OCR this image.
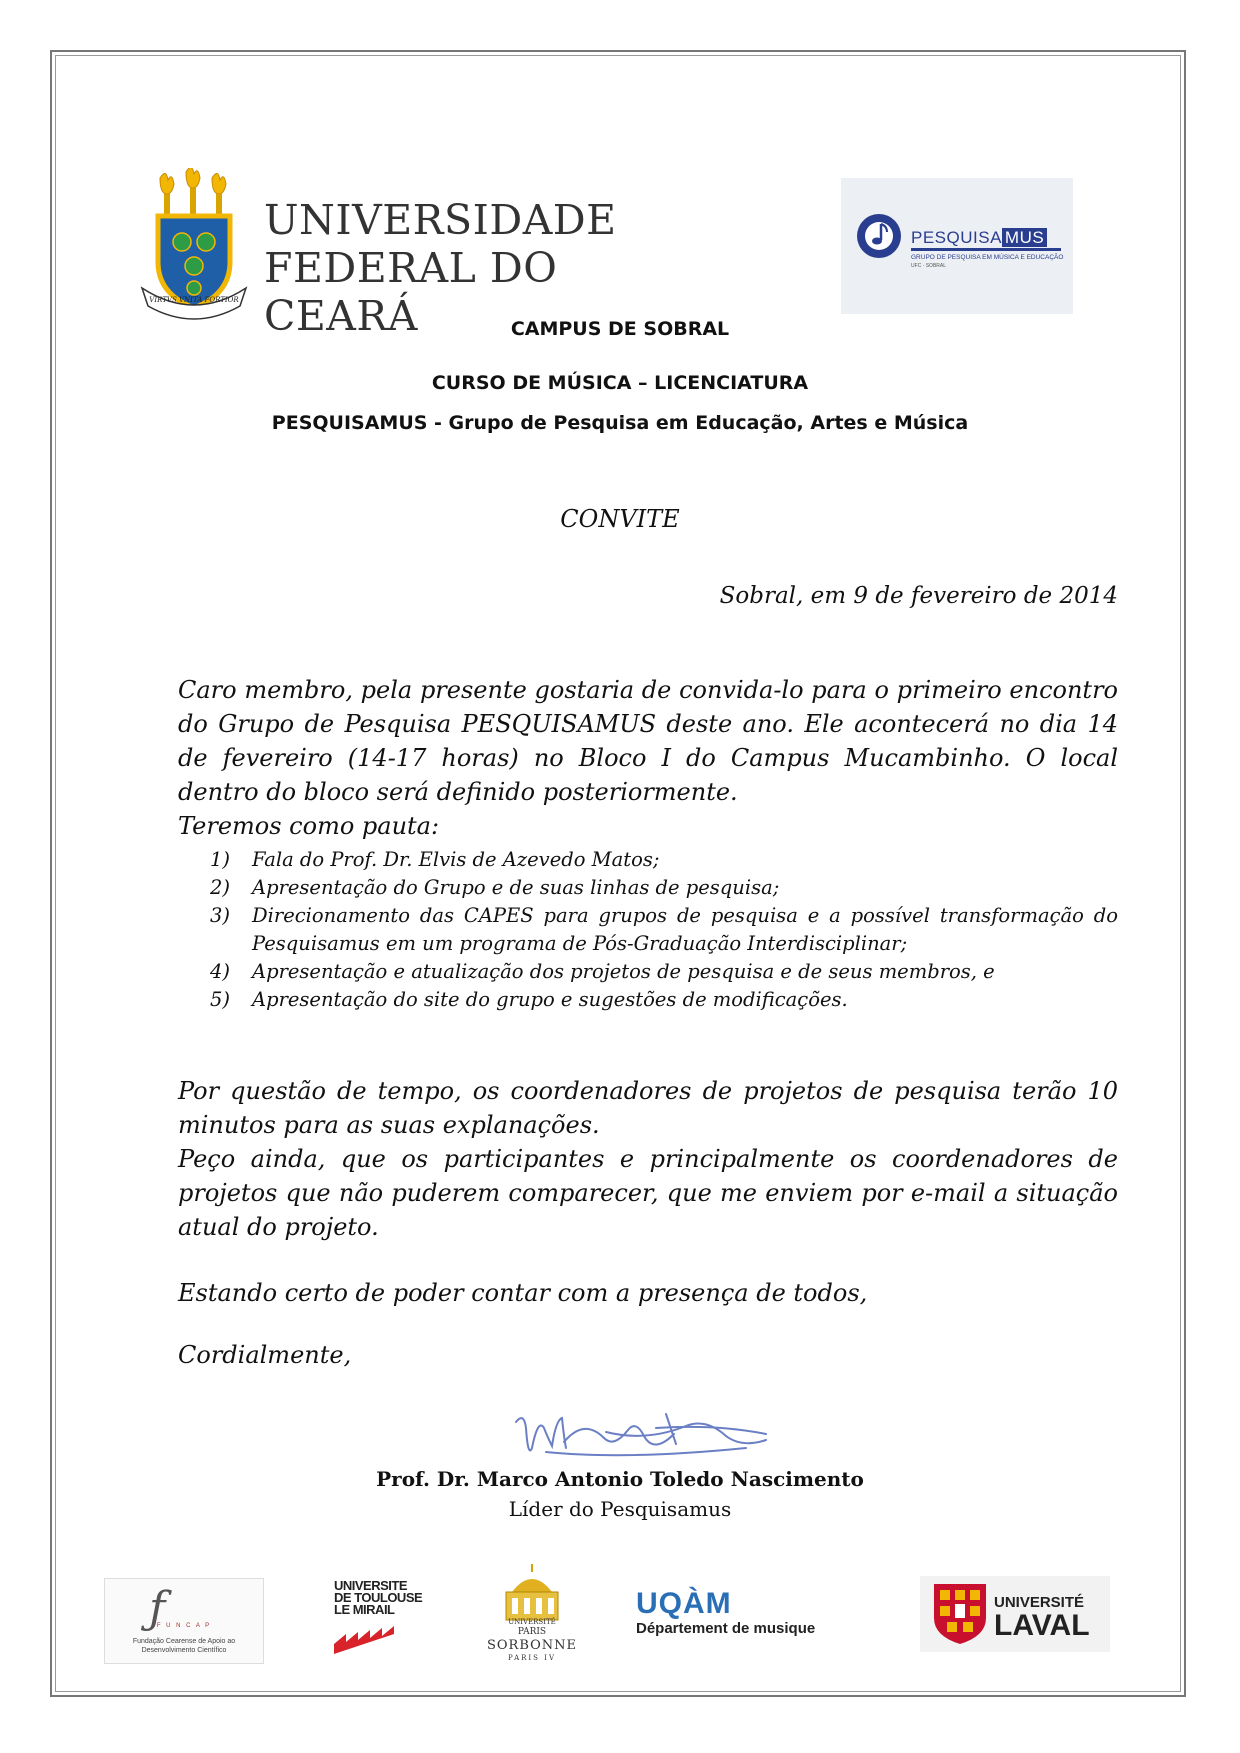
VIRTVS VNITA FORTIOR
UNIVERSIDADE
FEDERAL DO CEARÁ
PESQUISA MUS
GRUPO DE PESQUISA EM MÚSICA E EDUCAÇÃO
UFC · SOBRAL
CAMPUS DE SOBRAL
CURSO DE MÚSICA – LICENCIATURA
PESQUISAMUS - Grupo de Pesquisa em Educação, Artes e Música
CONVITE
Sobral, em 9 de fevereiro de 2014
Caro membro, pela presente gostaria de convida-lo para o primeiro encontro do Grupo de Pesquisa PESQUISAMUS deste ano. Ele acontecerá no dia 14 de fevereiro (14-17 horas) no Bloco I do Campus Mucambinho. O local dentro do bloco será definido posteriormente.
Teremos como pauta:
1) Fala do Prof. Dr. Elvis de Azevedo Matos;
2) Apresentação do Grupo e de suas linhas de pesquisa;
3) Direcionamento das CAPES para grupos de pesquisa e a possível transformação do Pesquisamus em um programa de Pós-Graduação Interdisciplinar;
4) Apresentação e atualização dos projetos de pesquisa e de seus membros, e
5) Apresentação do site do grupo e sugestões de modificações.
Por questão de tempo, os coordenadores de projetos de pesquisa terão 10 minutos para as suas explanações.
Peço ainda, que os participantes e principalmente os coordenadores de projetos que não puderem comparecer, que me enviem por e-mail a situação atual do projeto.
Estando certo de poder contar com a presença de todos,
Cordialmente,
Prof. Dr. Marco Antonio Toledo Nascimento
Líder do Pesquisamus
ƒ
F U N C A P
Fundação Cearense de Apoio ao
Desenvolvimento Científico
UNIVERSITE
DE TOULOUSE
LE MIRAIL
UNIVERSITÉ
PARIS
SORBONNE
PARIS IV
UQÀM
Département de musique
UNIVERSITÉ
LAVAL
